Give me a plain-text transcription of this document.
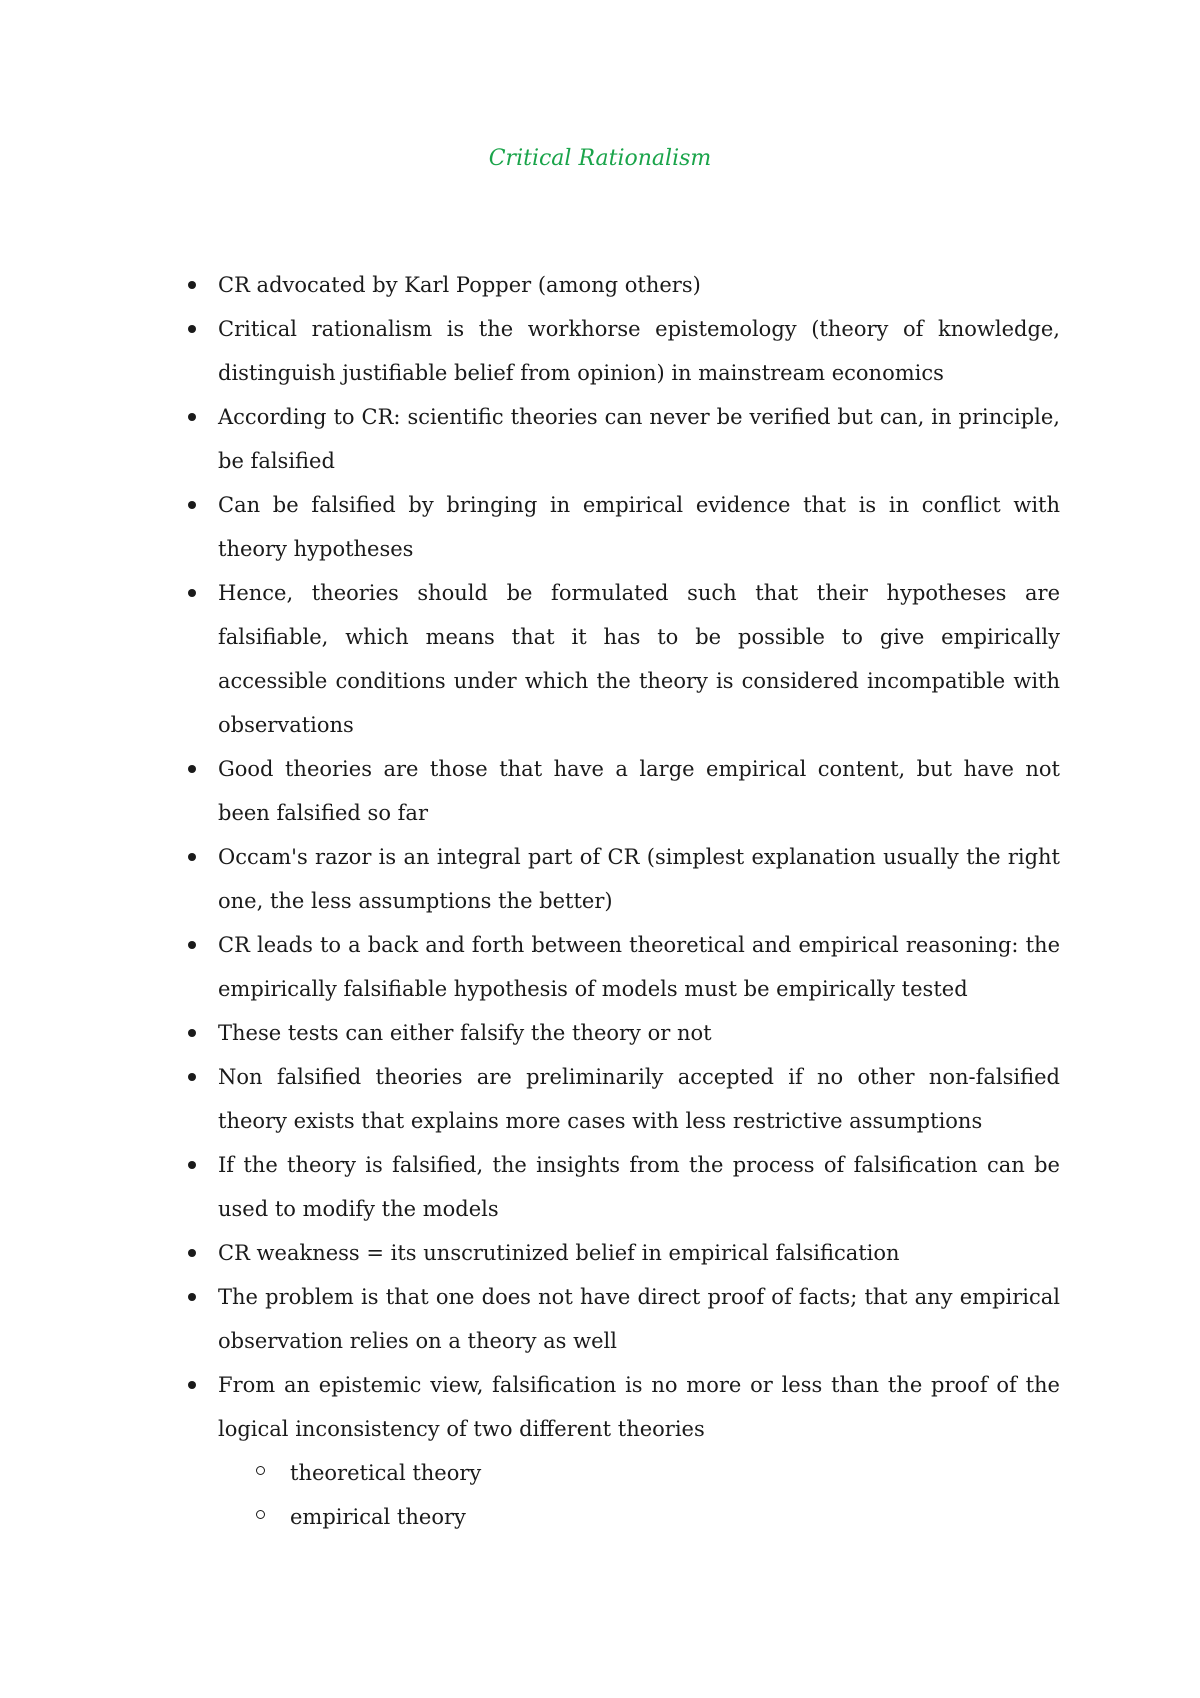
Critical Rationalism
CR advocated by Karl Popper (among others)
Critical rationalism is the workhorse epistemology (theory of knowledge, distinguish justifiable belief from opinion) in mainstream economics
According to CR: scientific theories can never be verified but can, in principle, be falsified
Can be falsified by bringing in empirical evidence that is in conflict with theory hypotheses
Hence, theories should be formulated such that their hypotheses are falsifiable, which means that it has to be possible to give empirically accessible conditions under which the theory is considered incompatible with observations
Good theories are those that have a large empirical content, but have not been falsified so far
Occam's razor is an integral part of CR (simplest explanation usually the right one, the less assumptions the better)
CR leads to a back and forth between theoretical and empirical reasoning: the empirically falsifiable hypothesis of models must be empirically tested
These tests can either falsify the theory or not
Non falsified theories are preliminarily accepted if no other non-falsified theory exists that explains more cases with less restrictive assumptions
If the theory is falsified, the insights from the process of falsification can be used to modify the models
CR weakness = its unscrutinized belief in empirical falsification
The problem is that one does not have direct proof of facts; that any empirical observation relies on a theory as well
From an epistemic view, falsification is no more or less than the proof of the logical inconsistency of two different theories
theoretical theory
empirical theory
